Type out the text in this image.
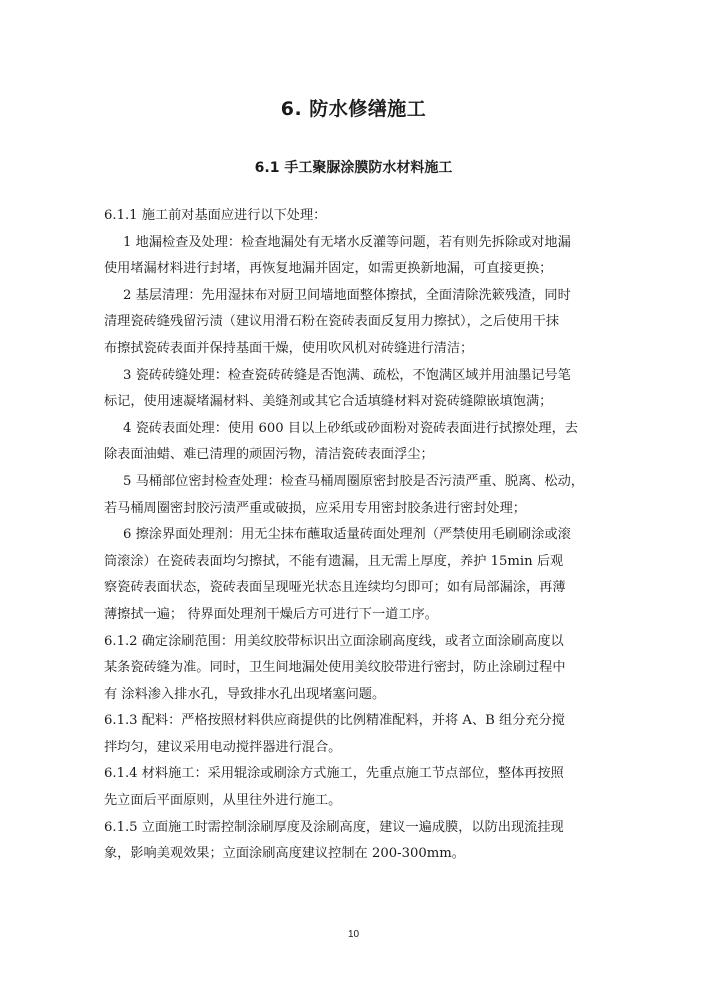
6. 防水修缮施工
6.1 手工聚脲涂膜防水材料施工

6.1.1 施工前对基面应进行以下处理：

1 地漏检查及处理：检查地漏处有无堵水反灌等问题，若有则先拆除或对地漏

使用堵漏材料进行封堵，再恢复地漏并固定，如需更换新地漏，可直接更换；

2 基层清理：先用湿抹布对厨卫间墙地面整体擦拭，全面清除洗簌残渣，同时

清理瓷砖缝残留污渍（建议用滑石粉在瓷砖表面反复用力擦拭），之后使用干抹

布擦拭瓷砖表面并保持基面干燥，使用吹风机对砖缝进行清洁；

3 瓷砖砖缝处理：检查瓷砖砖缝是否饱满、疏松，不饱满区域并用油墨记号笔

标记，使用速凝堵漏材料、美缝剂或其它合适填缝材料对瓷砖缝隙嵌填饱满；

4 瓷砖表面处理：使用 600 目以上砂纸或砂面粉对瓷砖表面进行拭擦处理，去

除表面油蜡、难已清理的顽固污物，清洁瓷砖表面浮尘；

5 马桶部位密封检查处理：检查马桶周圈原密封胶是否污渍严重、脱离、松动，

若马桶周圈密封胶污渍严重或破损，应采用专用密封胶条进行密封处理；

6 擦涂界面处理剂：用无尘抹布蘸取适量砖面处理剂（严禁使用毛刷刷涂或滚

筒滚涂）在瓷砖表面均匀擦拭，不能有遗漏，且无需上厚度，养护 15min 后观

察瓷砖表面状态，瓷砖表面呈现哑光状态且连续均匀即可；如有局部漏涂，再薄

薄擦拭一遍； 待界面处理剂干燥后方可进行下一道工序。

6.1.2 确定涂刷范围：用美纹胶带标识出立面涂刷高度线，或者立面涂刷高度以

某条瓷砖缝为准。同时，卫生间地漏处使用美纹胶带进行密封，防止涂刷过程中

有 涂料渗入排水孔，导致排水孔出现堵塞问题。

6.1.3 配料：严格按照材料供应商提供的比例精准配料，并将 A、B 组分充分搅

拌均匀，建议采用电动搅拌器进行混合。

6.1.4 材料施工：采用辊涂或刷涂方式施工，先重点施工节点部位，整体再按照

先立面后平面原则，从里往外进行施工。

6.1.5 立面施工时需控制涂刷厚度及涂刷高度，建议一遍成膜，以防出现流挂现

象，影响美观效果；立面涂刷高度建议控制在 200-300mm。

10
